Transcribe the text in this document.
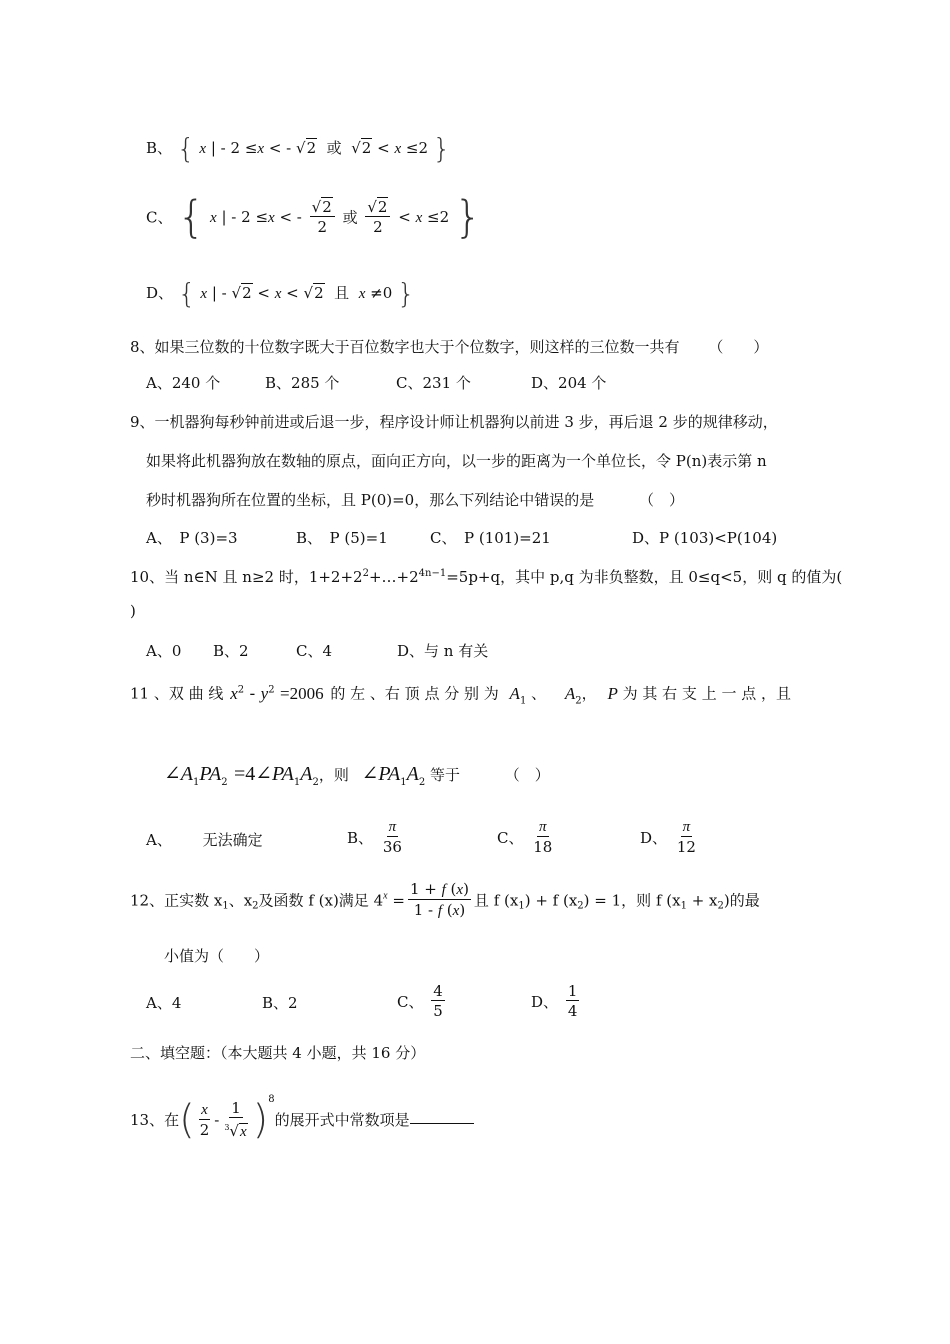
B、 { x | - 2 ≤x < - √2 或  √2 < x ≤2 }
C、 { x | - 2 ≤x < - $\frac{√2}{2}$ 或 $\frac{√2}{2} < x \le 2$ }
D、 { x | - √2 < x < √2 且 x ≠0 }
8、如果三位数的十位数字既大于百位数字也大于个位数字，则这样的三位数一共有 （　　）
A、240 个	B、285 个	C、231 个	D、204 个
9、一机器狗每秒钟前进或后退一步，程序设计师让机器狗以前进 3 步，再后退 2 步的规律移动，
如果将此机器狗放在数轴的原点，面向正方向，以一步的距离为一个单位长，令 P(n)表示第 n
秒时机器狗所在位置的坐标，且 P(0)=0，那么下列结论中错误的是	（　）
A、　P (3)=3	B、　P (5)=1	C、　P (101)=21	D、P (103)<P(104)
10、当 n∈N 且 n≥2 时，$1+2+2^2+\dots+2^{4n-1}=5p+q$，其中 p,q 为非负整数，且 0≤q<5，则 q 的值为(
)
A、0 B、2	C、4	D、与 n 有关
11 、双 曲 线 $x^2 - y^2 =2006$ 的 左 、右 顶 点 分 别 为 $A_1$ 、 $A_2$， P 为 其 右 支 上 一 点 ，且
$\angle A_1PA_2$ $=4\angle PA_1A_2$，则 $\angle PA_1A_2$ 等于	（　）
A、 无法确定	B、 $\frac{\pi}{36}$	C、 $\frac{\pi}{18}$	D、 $\frac{\pi}{12}$
12、正实数 $x_1$、$x_2$及函数 f (x)满足 $4^x = \frac{1 + f (x)}{1 - f (x)}$ 且 f $(x_1) + f$ $(x_2) = 1$，则 f $(x_1 + x_2)$的最
小值为（　　）
A、4	B、2	C、 $\frac{4}{5}$	D、 $\frac{1}{4}$
二、填空题：（本大题共 4 小题，共 16 分）
13、在( $\frac{x}{2} - \frac{1}{^3√x} )^8$的展开式中常数项是
